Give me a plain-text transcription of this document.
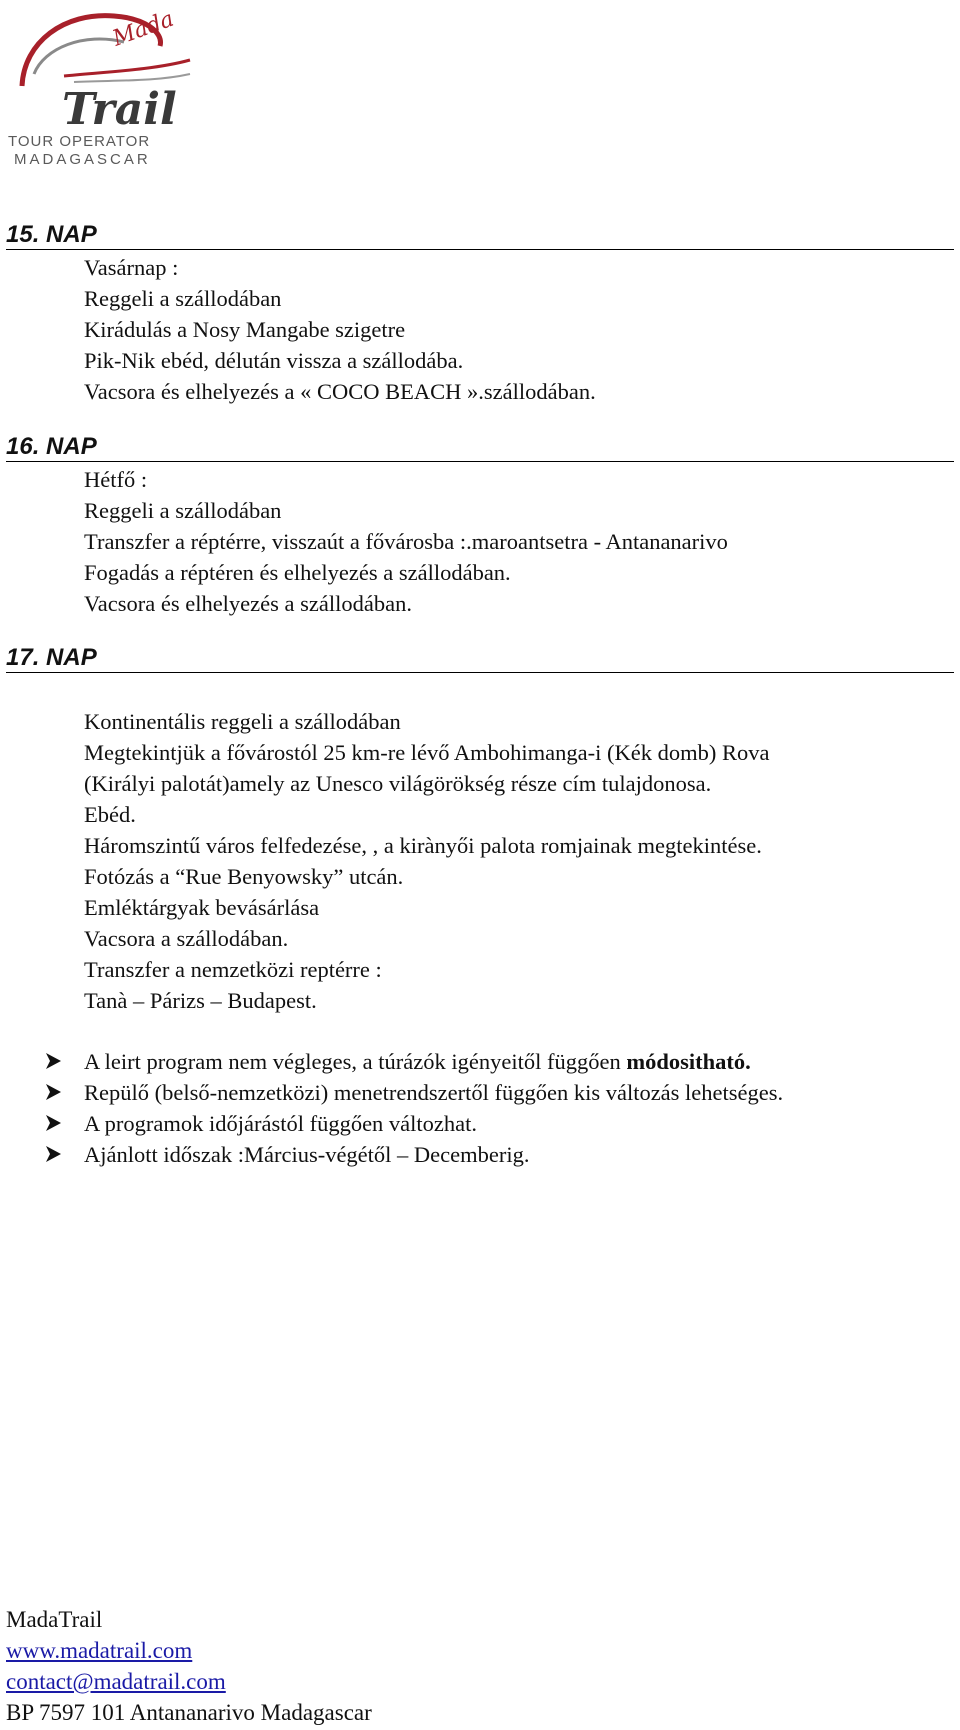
Mada
Trail
TOUR OPERATOR
MADAGASCAR
15. NAP
Vasárnap :
Reggeli a szállodában
Kirádulás a Nosy Mangabe szigetre
Pik-Nik ebéd, délután vissza a szállodába.
Vacsora és elhelyezés a « COCO BEACH ».szállodában.
16. NAP
Hétfő :
Reggeli a szállodában
Transzfer a réptérre, visszaút a fővárosba :.maroantsetra - Antananarivo
Fogadás a réptéren és elhelyezés a szállodában.
Vacsora és elhelyezés a szállodában.
17. NAP
Kontinentális reggeli a szállodában
Megtekintjük a fővárostól 25 km-re lévő Ambohimanga-i (Kék domb) Rova
(Királyi palotát)amely az Unesco világörökség része cím tulajdonosa.
Ebéd.
Háromszintű város felfedezése, , a kirànyői palota romjainak megtekintése.
Fotózás a “Rue Benyowsky” utcán.
Emléktárgyak bevásárlása
Vacsora a szállodában.
Transzfer a nemzetközi reptérre :
Tanà – Párizs – Budapest.
A leirt program nem végleges, a túrázók igényeitől függően módositható.
Repülő (belső-nemzetközi) menetrendszertől függően kis változás lehetséges.
A programok időjárástól függően változhat.
Ajánlott időszak :Március-végétől – Decemberig.
MadaTrail
www.madatrail.com
contact@madatrail.com
BP 7597 101 Antananarivo Madagascar
